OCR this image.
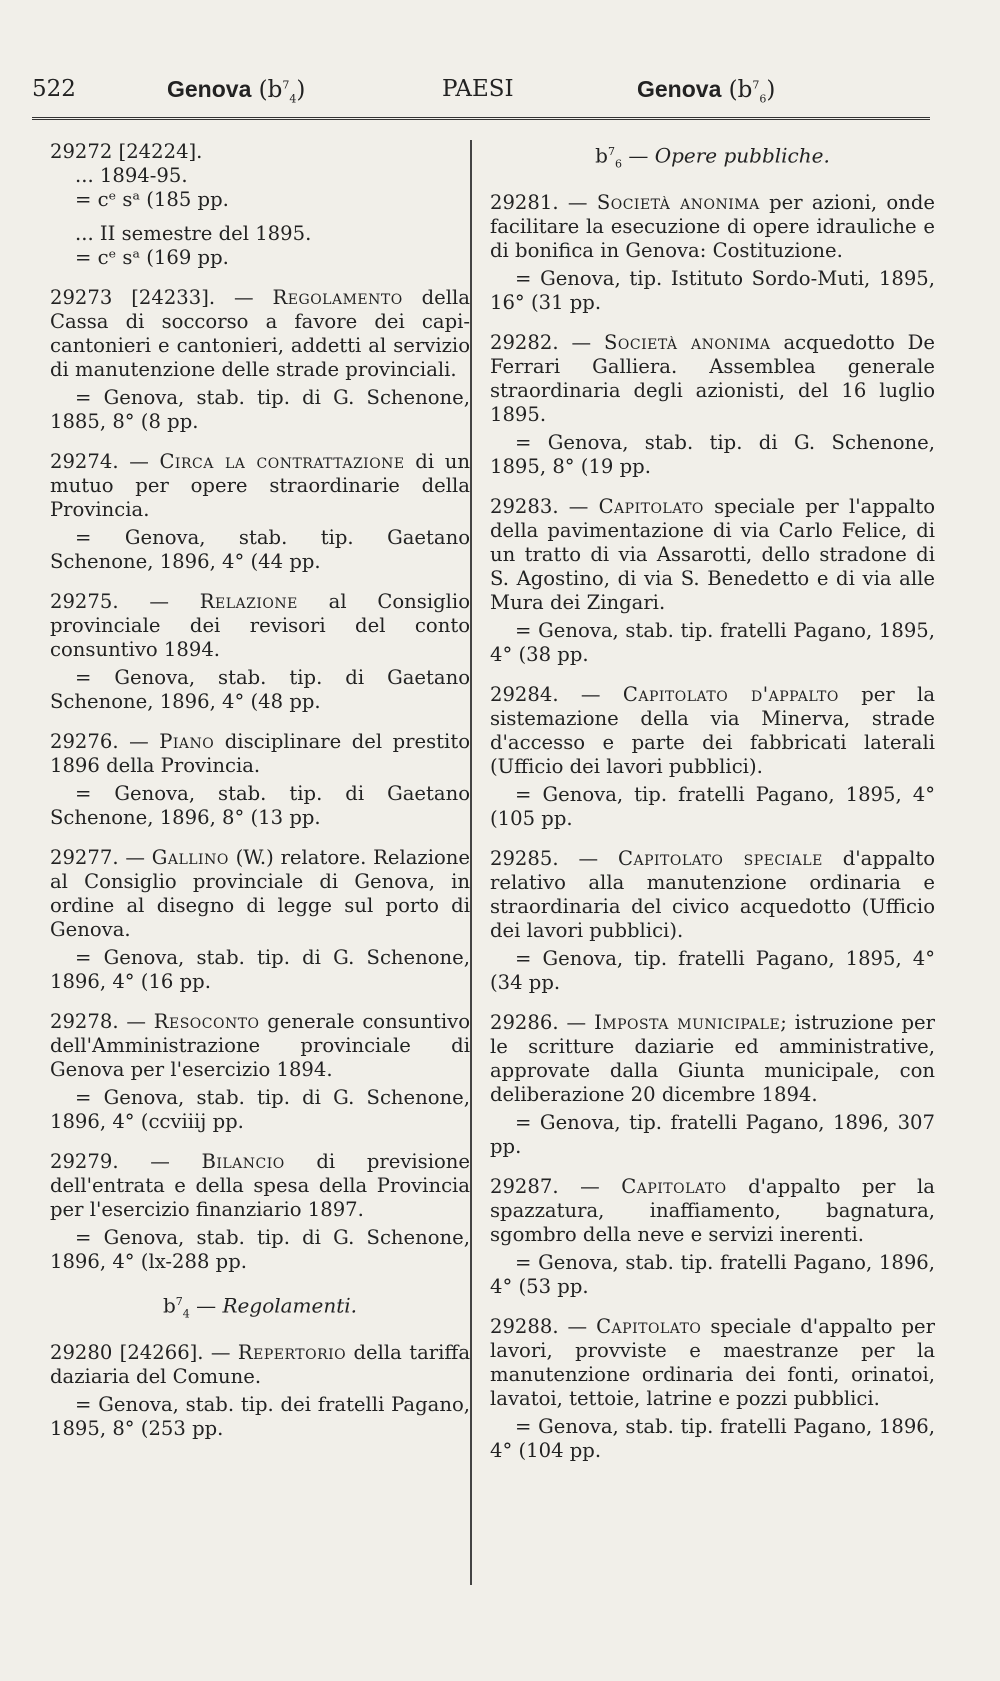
522	Genova $(b^7_4)$	PAESI	Genova $(b^7_6)$

29272 [24224].

... 1894-95.

= cᵉ sᵃ (185 pp.

... II semestre del 1895.

= cᵉ sᵃ (169 pp.

29273 [24233]. — Regolamento della Cassa di soccorso a favore dei capi-cantonieri e cantonieri, addetti al servizio di manutenzione delle strade provinciali.

= Genova, stab. tip. di G. Schenone, 1885, 8° (8 pp.

29274. — Circa la contrattazione di un mutuo per opere straordinarie della Provincia.

= Genova, stab. tip. Gaetano Schenone, 1896, 4° (44 pp.

29275. — Relazione al Consiglio provinciale dei revisori del conto consuntivo 1894.

= Genova, stab. tip. di Gaetano Schenone, 1896, 4° (48 pp.

29276. — Piano disciplinare del prestito 1896 della Provincia.

= Genova, stab. tip. di Gaetano Schenone, 1896, 8° (13 pp.

29277. — Gallino (W.) relatore. Relazione al Consiglio provinciale di Genova, in ordine al disegno di legge sul porto di Genova.

= Genova, stab. tip. di G. Schenone, 1896, 4° (16 pp.

29278. — Resoconto generale consuntivo dell'Amministrazione provinciale di Genova per l'esercizio 1894.

= Genova, stab. tip. di G. Schenone, 1896, 4° (ccviiij pp.

29279. — Bilancio di previsione dell'entrata e della spesa della Provincia per l'esercizio finanziario 1897.

= Genova, stab. tip. di G. Schenone, 1896, 4° (lx-288 pp.

$b^7_4$ — Regolamenti.

29280 [24266]. — Repertorio della tariffa daziaria del Comune.

= Genova, stab. tip. dei fratelli Pagano, 1895, 8° (253 pp.

$b^7_6$ — Opere pubbliche.

29281. — Società anonima per azioni, onde facilitare la esecuzione di opere idrauliche e di bonifica in Genova: Costituzione.

= Genova, tip. Istituto Sordo-Muti, 1895, 16° (31 pp.

29282. — Società anonima acquedotto De Ferrari Galliera. Assemblea generale straordinaria degli azionisti, del 16 luglio 1895.

= Genova, stab. tip. di G. Schenone, 1895, 8° (19 pp.

29283. — Capitolato speciale per l'appalto della pavimentazione di via Carlo Felice, di un tratto di via Assarotti, dello stradone di S. Agostino, di via S. Benedetto e di via alle Mura dei Zingari.

= Genova, stab. tip. fratelli Pagano, 1895, 4° (38 pp.

29284. — Capitolato d'appalto per la sistemazione della via Minerva, strade d'accesso e parte dei fabbricati laterali (Ufficio dei lavori pubblici).

= Genova, tip. fratelli Pagano, 1895, 4° (105 pp.

29285. — Capitolato speciale d'appalto relativo alla manutenzione ordinaria e straordinaria del civico acquedotto (Ufficio dei lavori pubblici).

= Genova, tip. fratelli Pagano, 1895, 4° (34 pp.

29286. — Imposta municipale; istruzione per le scritture daziarie ed amministrative, approvate dalla Giunta municipale, con deliberazione 20 dicembre 1894.

= Genova, tip. fratelli Pagano, 1896, 307 pp.

29287. — Capitolato d'appalto per la spazzatura, inaffiamento, bagnatura, sgombro della neve e servizi inerenti.

= Genova, stab. tip. fratelli Pagano, 1896, 4° (53 pp.

29288. — Capitolato speciale d'appalto per lavori, provviste e maestranze per la manutenzione ordinaria dei fonti, orinatoi, lavatoi, tettoie, latrine e pozzi pubblici.

= Genova, stab. tip. fratelli Pagano, 1896, 4° (104 pp.
